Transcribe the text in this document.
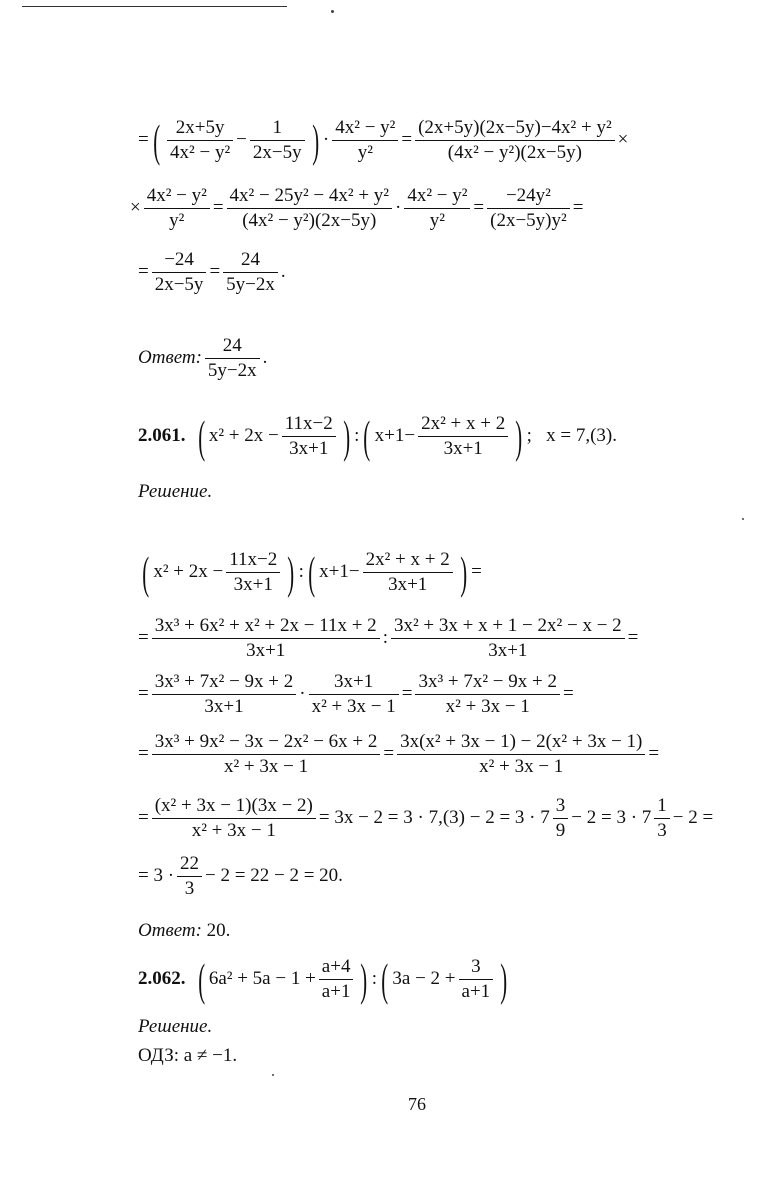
=( $\frac{2x+5y}{\text{4x² − y²}} - \frac{1}{2x-5y}$ ) · $\frac{\text{4x² − y²}}{\text{y²}} = \frac{\text{(2x+5y)(2x−5y)−4x² + y²}}{\text{(4x² − y²)(2x−5y)}}$ ×
× $\frac{\text{4x² − y²}}{\text{y²}} = \frac{\text{4x² − 25y² − 4x² + y²}}{\text{(4x² − y²)(2x−5y)}} \cdot \frac{\text{4x² − y²}}{\text{y²}} = \frac{\text{−24y²}}{\text{(2x−5y)y²}}$ =
= $\frac{-24}{2x-5y} = \frac{24}{5y-2x}$ .
Ответ: $\frac{24}{5y-2x}$ .
2.061. ( $x^2 + 2x - \frac{11x-2}{3x+1}$ ) :( $x+1- \frac{\text{2x² + x + 2}}{3x+1}$ ) ; x = 7,(3).
Решение.
( $x^2 + 2x - \frac{11x-2}{3x+1}$ ) :( $x+1- \frac{\text{2x² + x + 2}}{3x+1}$ ) =
= $\frac{\text{3x³ + 6x² + x² + 2x − 11x + 2}}{3x+1}$ : $\frac{\text{3x² + 3x + x + 1 − 2x² − x − 2}}{3x+1}$ =
= $\frac{\text{3x³ + 7x² − 9x + 2}}{3x+1} \cdot \frac{3x+1}{\text{x² + 3x − 1}} = \frac{\text{3x³ + 7x² − 9x + 2}}{\text{x² + 3x − 1}}$ =
= $\frac{\text{3x³ + 9x² − 3x − 2x² − 6x + 2}}{\text{x² + 3x − 1}} = \frac{\text{3x(x² + 3x − 1) − 2(x² + 3x − 1)}}{\text{x² + 3x − 1}}$ =
= $\frac{\text{(x² + 3x − 1)(3x − 2)}}{\text{x² + 3x − 1}} = 3x - 2 = 3 \cdot 7,(3) - 2 = 3 \cdot 7 \frac{3}{9} - 2 = 3 \cdot 7 \frac{1}{3} - 2$ =
= $3 \cdot \frac{22}{3} - 2 = 22 - 2 = 20$.
Ответ: 20.
2.062. ( $6a^2 + 5a - 1 + \frac{a+4}{a+1}$ ) :( $3a - 2 + \frac{3}{a+1}$ )
Решение.
ОДЗ: a ≠ −1.
76
